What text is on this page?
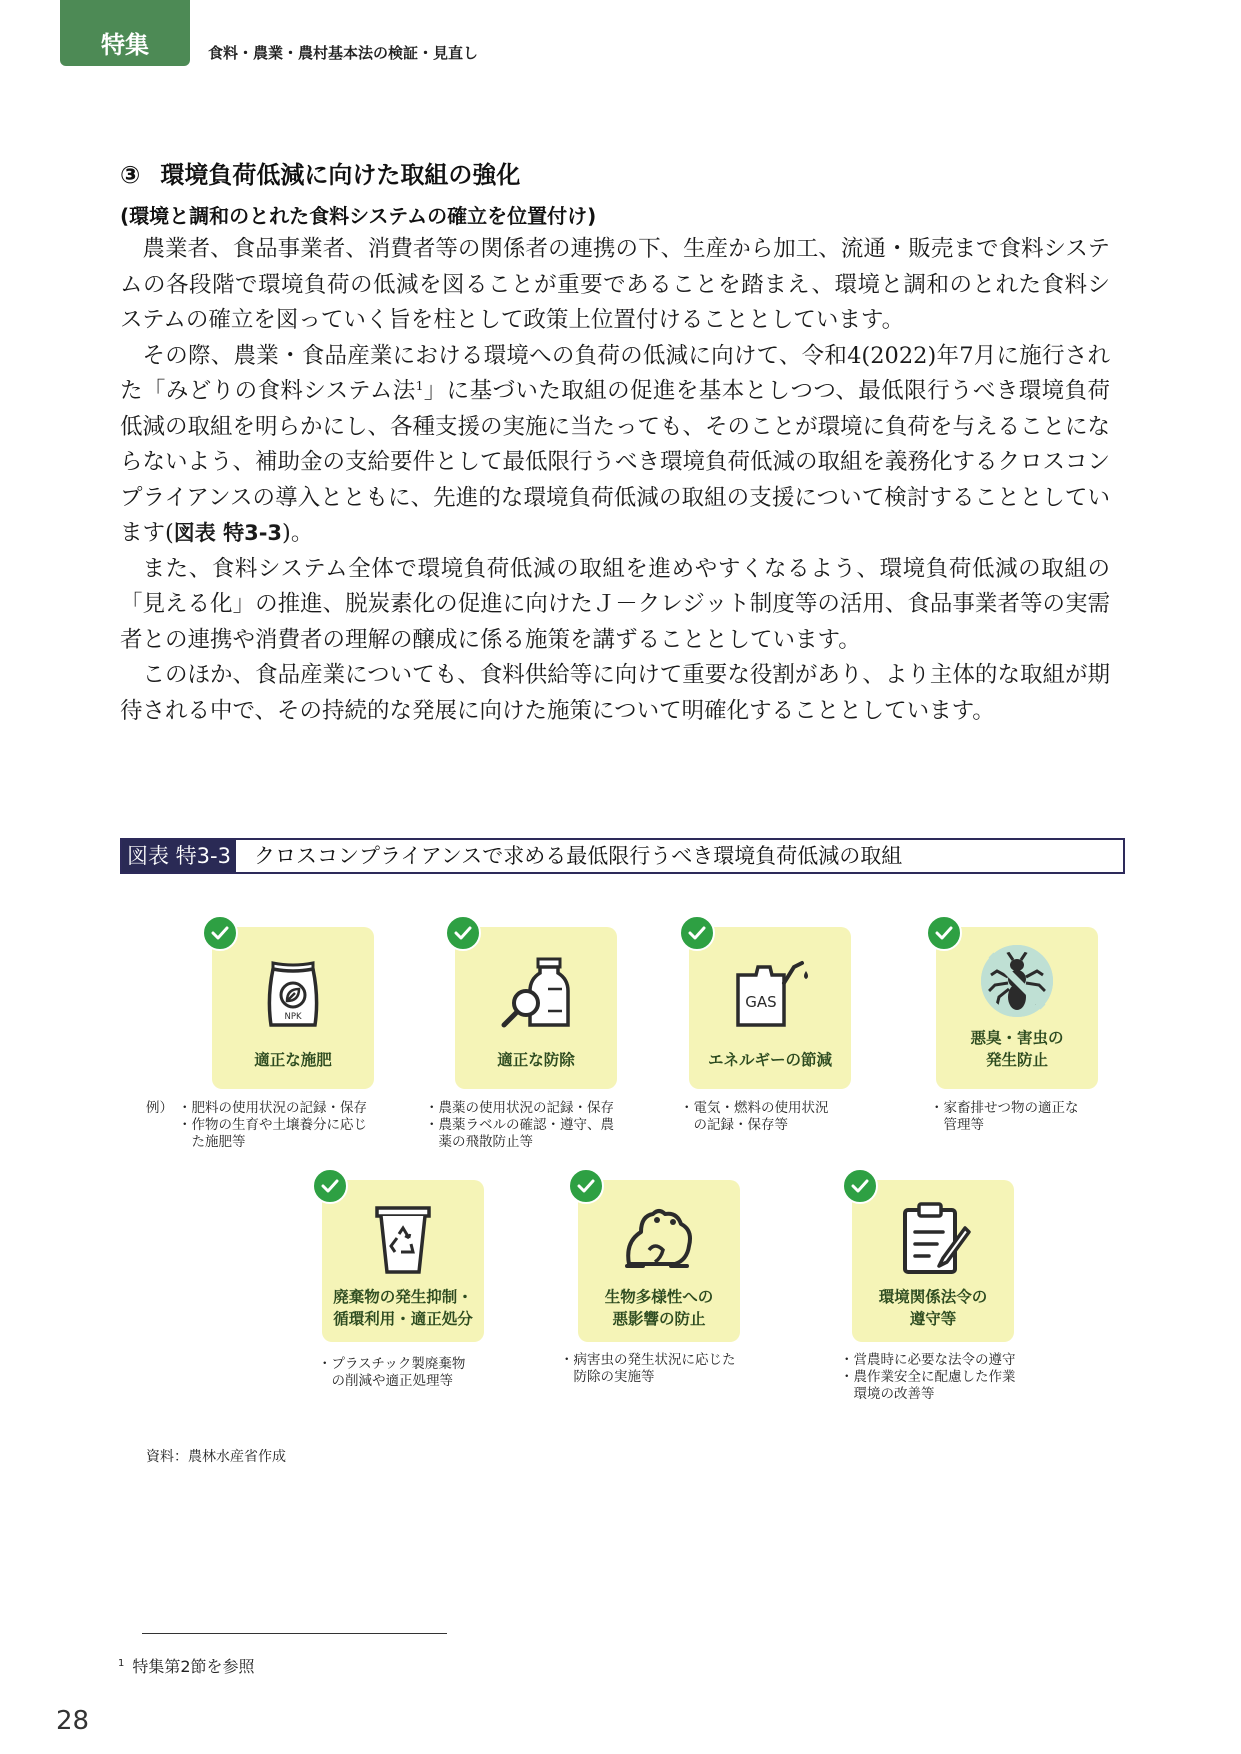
特集	食料・農業・農村基本法の検証・見直し
③ 環境負荷低減に向けた取組の強化
(環境と調和のとれた食料システムの確立を位置付け)

農業者、食品事業者、消費者等の関係者の連携の下、生産から加工、流通・販売まで食料システムの各段階で環境負荷の低減を図ることが重要であることを踏まえ、環境と調和のとれた食料システムの確立を図っていく旨を柱として政策上位置付けることとしています。

その際、農業・食品産業における環境への負荷の低減に向けて、令和4(2022)年7月に施行された「みどりの食料システム法$^1$」に基づいた取組の促進を基本としつつ、最低限行うべき環境負荷低減の取組を明らかにし、各種支援の実施に当たっても、そのことが環境に負荷を与えることにならないよう、補助金の支給要件として最低限行うべき環境負荷低減の取組を義務化するクロスコンプライアンスの導入とともに、先進的な環境負荷低減の取組の支援について検討することとしています(図表 特3-3)。

また、食料システム全体で環境負荷低減の取組を進めやすくなるよう、環境負荷低減の取組の「見える化」の推進、脱炭素化の促進に向けたＪ－クレジット制度等の活用、食品事業者等の実需者との連携や消費者の理解の醸成に係る施策を講ずることとしています。

このほか、食品産業についても、食料供給等に向けて重要な役割があり、より主体的な取組が期待される中で、その持続的な発展に向けた施策について明確化することとしています。

図表 特3-3 クロスコンプライアンスで求める最低限行うべき環境負荷低減の取組
NPK
適正な施肥	適正な防除
GAS
エネルギーの節減
悪臭・害虫の
発生防止
例） ・肥料の使用状況の記録・保存
・作物の生育や土壌養分に応じ
　た施肥等
・農薬の使用状況の記録・保存
・農薬ラベルの確認・遵守、農
　薬の飛散防止等
・電気・燃料の使用状況
　の記録・保存等
・家畜排せつ物の適正な
　管理等
廃棄物の発生抑制・
循環利用・適正処分
生物多様性への
悪影響の防止
環境関係法令の
遵守等
・プラスチック製廃棄物
　の削減や適正処理等
・病害虫の発生状況に応じた
　防除の実施等
・営農時に必要な法令の遵守
・農作業安全に配慮した作業
　環境の改善等
資料：農林水産省作成
$^1$ 特集第2節を参照
28
